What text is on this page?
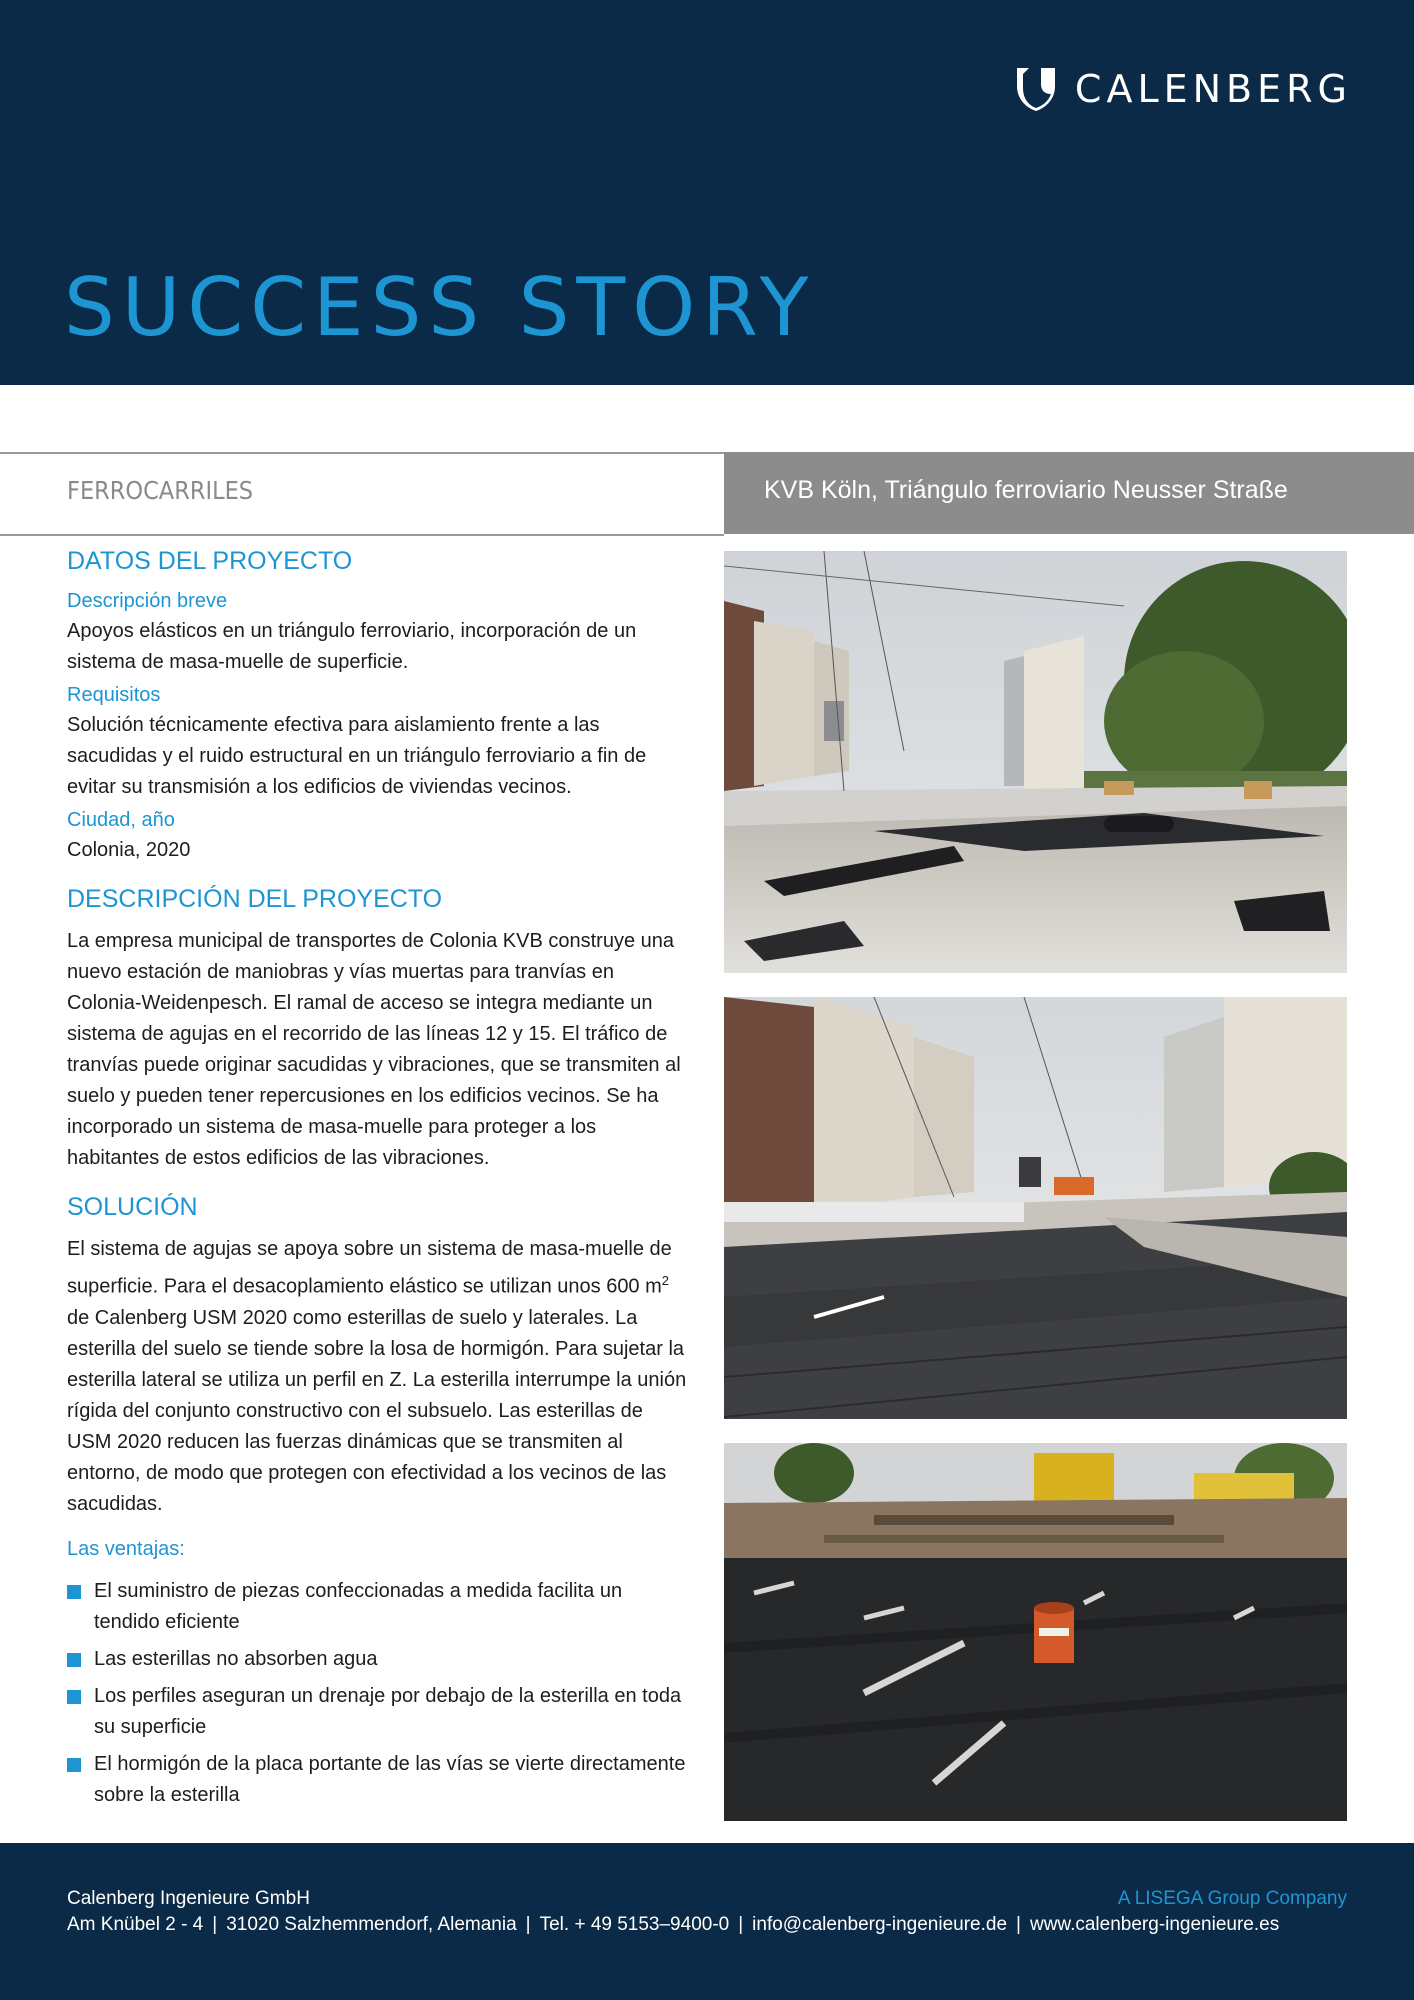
CALENBERG
SUCCESS STORY
FERROCARRILES	KVB Köln, Triángulo ferroviario Neusser Straße
DATOS DEL PROYECTO
Descripción breve
Apoyos elásticos en un triángulo ferroviario, incorporación de un sistema de masa-muelle de superficie.
Requisitos
Solución técnicamente efectiva para aislamiento frente a las sacudidas y el ruido estructural en un triángulo ferroviario a fin de evitar su transmisión a los edificios de viviendas vecinos.
Ciudad, año
Colonia, 2020
DESCRIPCIÓN DEL PROYECTO
La empresa municipal de transportes de Colonia KVB construye una nuevo estación de maniobras y vías muertas para tranvías en Colonia-Weidenpesch. El ramal de acceso se integra mediante un sistema de agujas en el recorrido de las líneas 12 y 15. El tráfico de tranvías puede originar sacudidas y vibraciones, que se transmiten al suelo y pueden tener repercusiones en los edificios vecinos. Se ha incorporado un sistema de masa-muelle para proteger a los habitantes de estos edificios de las vibraciones.
SOLUCIÓN
El sistema de agujas se apoya sobre un sistema de masa-muelle de superficie. Para el desacoplamiento elástico se utilizan unos 600 $m^2$ de Calenberg USM 2020 como esterillas de suelo y laterales. La esterilla del suelo se tiende sobre la losa de hormigón. Para sujetar la esterilla lateral se utiliza un perfil en Z. La esterilla interrumpe la unión rígida del conjunto constructivo con el subsuelo. Las esterillas de USM 2020 reducen las fuerzas dinámicas que se transmiten al entorno, de modo que protegen con efectividad a los vecinos de las sacudidas.
Las ventajas:
El suministro de piezas confeccionadas a medida facilita un tendido eficiente
Las esterillas no absorben agua
Los perfiles aseguran un drenaje por debajo de la esterilla en toda su superficie
El hormigón de la placa portante de las vías se vierte directamente sobre la esterilla
Calenberg Ingenieure GmbH	A LISEGA Group Company
Am Knübel 2 - 4 | 31020 Salzhemmendorf, Alemania | Tel. + 49 5153–9400-0 | info@calenberg-ingenieure.de | www.calenberg-ingenieure.es
